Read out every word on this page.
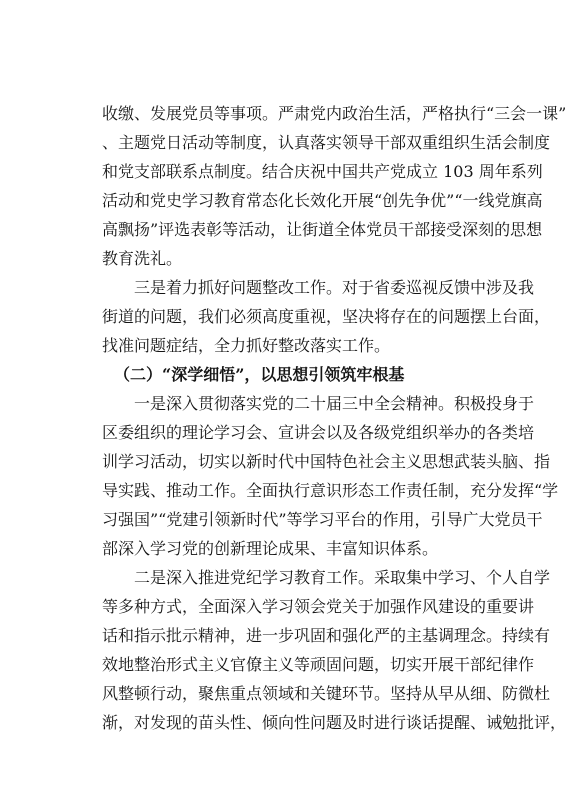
收缴、发展党员等事项。严肃党内政治生活，严格执行“三会一课”
、主题党日活动等制度，认真落实领导干部双重组织生活会制度
和党支部联系点制度。结合庆祝中国共产党成立 103 周年系列
活动和党史学习教育常态化长效化开展“创先争优”“一线党旗高
高飘扬”评选表彰等活动，让街道全体党员干部接受深刻的思想
教育洗礼。
三是着力抓好问题整改工作。对于省委巡视反馈中涉及我
街道的问题，我们必须高度重视，坚决将存在的问题摆上台面，
找准问题症结，全力抓好整改落实工作。
（二）“深学细悟”，以思想引领筑牢根基
一是深入贯彻落实党的二十届三中全会精神。积极投身于
区委组织的理论学习会、宣讲会以及各级党组织举办的各类培
训学习活动，切实以新时代中国特色社会主义思想武装头脑、指
导实践、推动工作。全面执行意识形态工作责任制，充分发挥“学
习强国”“党建引领新时代”等学习平台的作用，引导广大党员干
部深入学习党的创新理论成果、丰富知识体系。
二是深入推进党纪学习教育工作。采取集中学习、个人自学
等多种方式，全面深入学习领会党关于加强作风建设的重要讲
话和指示批示精神，进一步巩固和强化严的主基调理念。持续有
效地整治形式主义官僚主义等顽固问题，切实开展干部纪律作
风整顿行动，聚焦重点领域和关键环节。坚持从早从细、防微杜
渐，对发现的苗头性、倾向性问题及时进行谈话提醒、诫勉批评，
